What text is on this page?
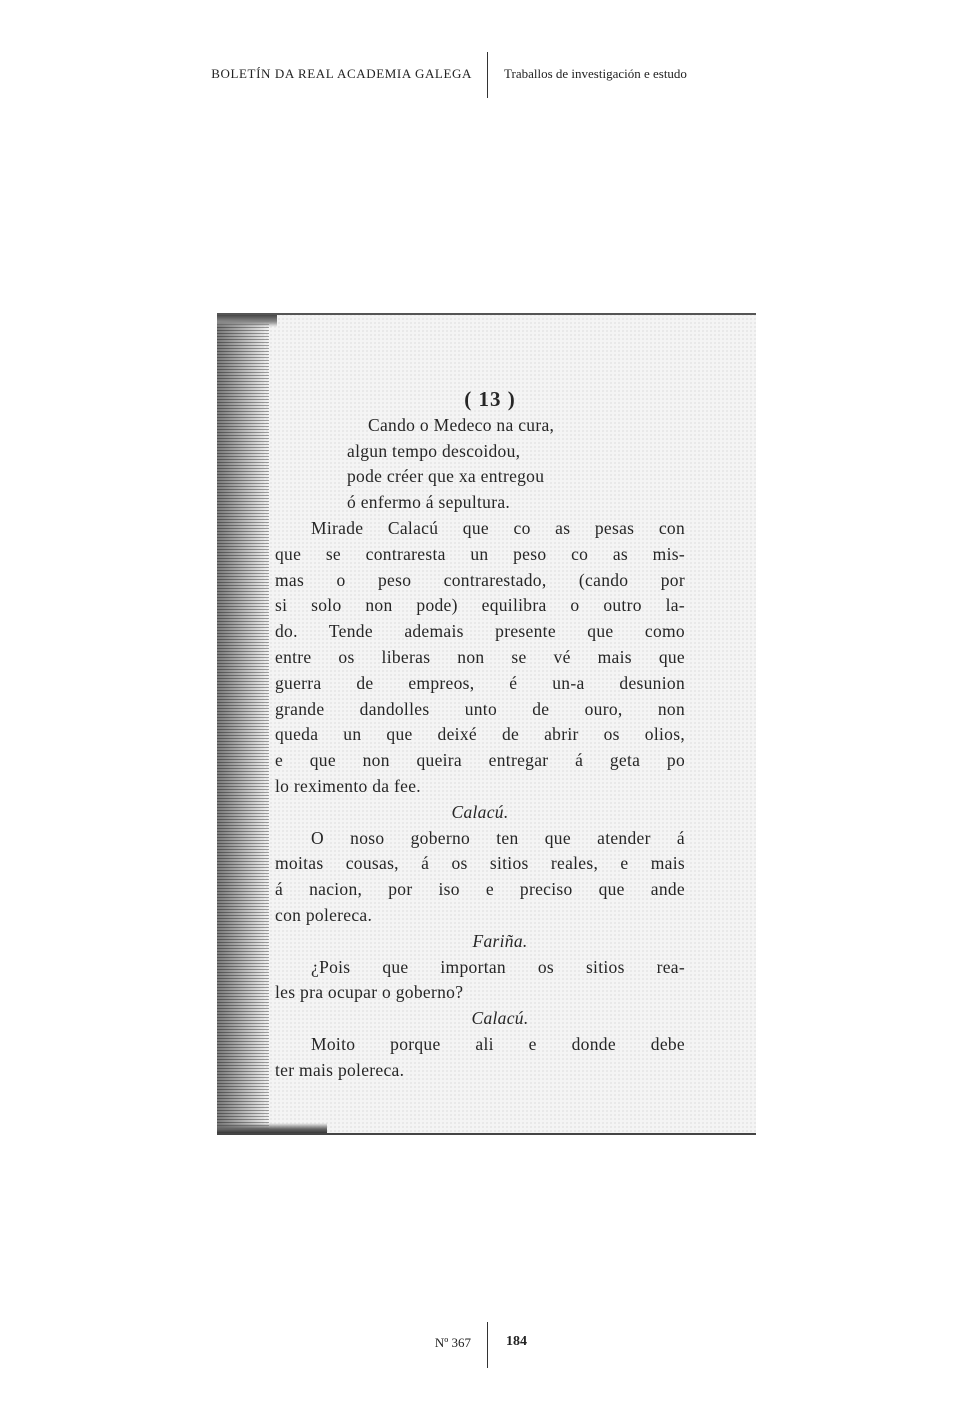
BOLETÍN DA REAL ACADEMIA GALEGA Traballos de investigación e estudo
( 13 )
Cando o Medeco na cura,
algun tempo descoidou,
pode créer que xa entregou
ó enfermo á sepultura.
Mirade Calacú que co as pesas con
que se contraresta un peso co as mis-
mas o peso contrarestado, (cando por
si solo non pode) equilibra o outro la-
do. Tende ademais presente que como
entre os liberas non se vé mais que
guerra de empreos, é un-a desunion
grande dandolles unto de ouro, non
queda un que deixé de abrir os olios,
e que non queira entregar á geta po
lo reximento da fee.
Calacú.
O noso goberno ten que atender á
moitas cousas, á os sitios reales, e mais
á nacion, por iso e preciso que ande
con polereca.
Fariña.
¿Pois que importan os sitios rea-
les pra ocupar o goberno?
Calacú.
Moito porque ali e donde debe
ter mais polereca.
Nº 367	184
